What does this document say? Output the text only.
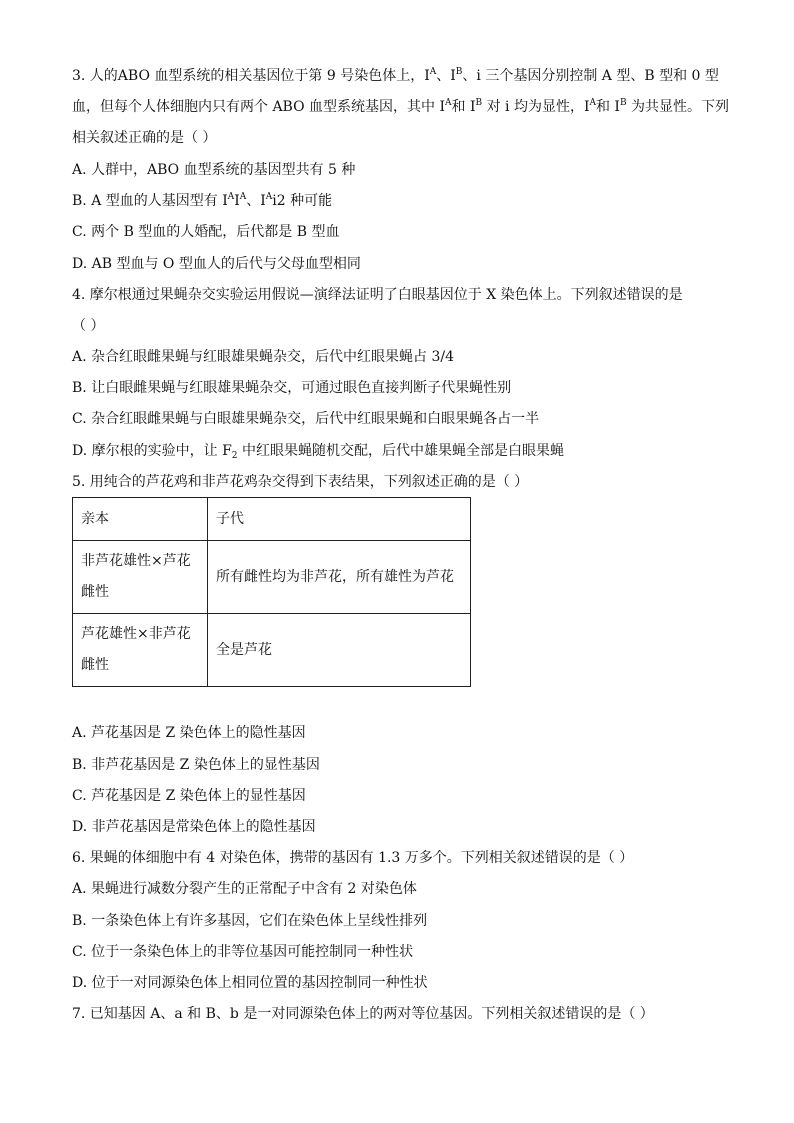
3. 人的ABO 血型系统的相关基因位于第 9 号染色体上，$I^A$、$I^B$、i 三个基因分别控制 A 型、B 型和 0 型
血，但每个人体细胞内只有两个 ABO 血型系统基因，其中 $I^A$和 $I^B$ 对 i 均为显性，$I^A$和 $I^B$ 为共显性。下列
相关叙述正确的是（ ）
A. 人群中，ABO 血型系统的基因型共有 5 种
B. A 型血的人基因型有 $I^AI^A$、$I^Ai2$ 种可能
C. 两个 B 型血的人婚配，后代都是 B 型血
D. AB 型血与 O 型血人的后代与父母血型相同
4. 摩尔根通过果蝇杂交实验运用假说—演绎法证明了白眼基因位于 X 染色体上。下列叙述错误的是
（ ）
A. 杂合红眼雌果蝇与红眼雄果蝇杂交，后代中红眼果蝇占 3/4
B. 让白眼雌果蝇与红眼雄果蝇杂交，可通过眼色直接判断子代果蝇性别
C. 杂合红眼雌果蝇与白眼雄果蝇杂交，后代中红眼果蝇和白眼果蝇各占一半
D. 摩尔根的实验中，让 $F_2$ 中红眼果蝇随机交配，后代中雄果蝇全部是白眼果蝇
5. 用纯合的芦花鸡和非芦花鸡杂交得到下表结果，下列叙述正确的是（ ）
亲本	子代
非芦花雄性×芦花雌性	所有雌性均为非芦花，所有雄性为芦花
芦花雄性×非芦花雌性	全是芦花
A. 芦花基因是 Z 染色体上的隐性基因
B. 非芦花基因是 Z 染色体上的显性基因
C. 芦花基因是 Z 染色体上的显性基因
D. 非芦花基因是常染色体上的隐性基因
6. 果蝇的体细胞中有 4 对染色体，携带的基因有 1.3 万多个。下列相关叙述错误的是（ ）
A. 果蝇进行减数分裂产生的正常配子中含有 2 对染色体
B. 一条染色体上有许多基因，它们在染色体上呈线性排列
C. 位于一条染色体上的非等位基因可能控制同一种性状
D. 位于一对同源染色体上相同位置的基因控制同一种性状
7. 已知基因 A、a 和 B、b 是一对同源染色体上的两对等位基因。下列相关叙述错误的是（ ）
